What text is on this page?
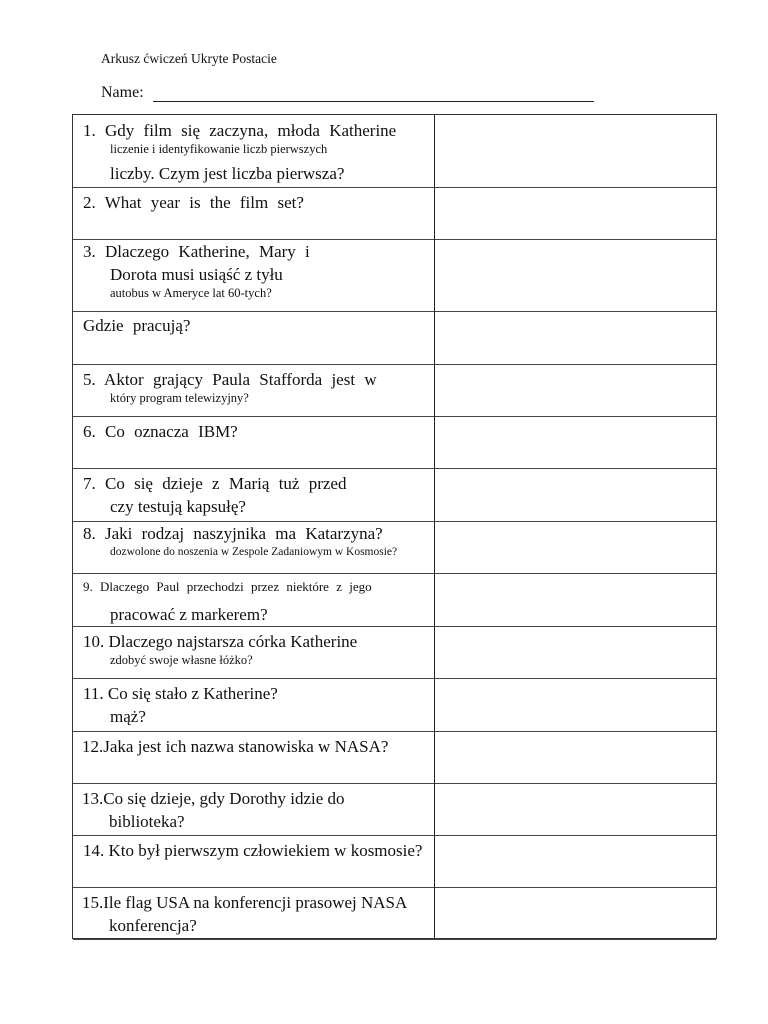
Arkusz ćwiczeń Ukryte Postacie
Name:
1. Gdy film się zaczyna, młoda Katherine
liczenie i identyfikowanie liczb pierwszych
liczby. Czym jest liczba pierwsza?
2. What year is the film set?
3. Dlaczego Katherine, Mary i
Dorota musi usiąść z tyłu
autobus w Ameryce lat 60-tych?
Gdzie pracują?
5. Aktor grający Paula Stafforda jest w
który program telewizyjny?
6. Co oznacza IBM?
7. Co się dzieje z Marią tuż przed
czy testują kapsułę?
8. Jaki rodzaj naszyjnika ma Katarzyna?
dozwolone do noszenia w Zespole Zadaniowym w Kosmosie?
9. Dlaczego Paul przechodzi przez niektóre z jego
pracować z markerem?
10. Dlaczego najstarsza córka Katherine
zdobyć swoje własne łóżko?
11. Co się stało z Katherine?
mąż?
12.Jaka jest ich nazwa stanowiska w NASA?
13.Co się dzieje, gdy Dorothy idzie do
biblioteka?
14. Kto był pierwszym człowiekiem w kosmosie?
15.Ile flag USA na konferencji prasowej NASA
konferencja?
